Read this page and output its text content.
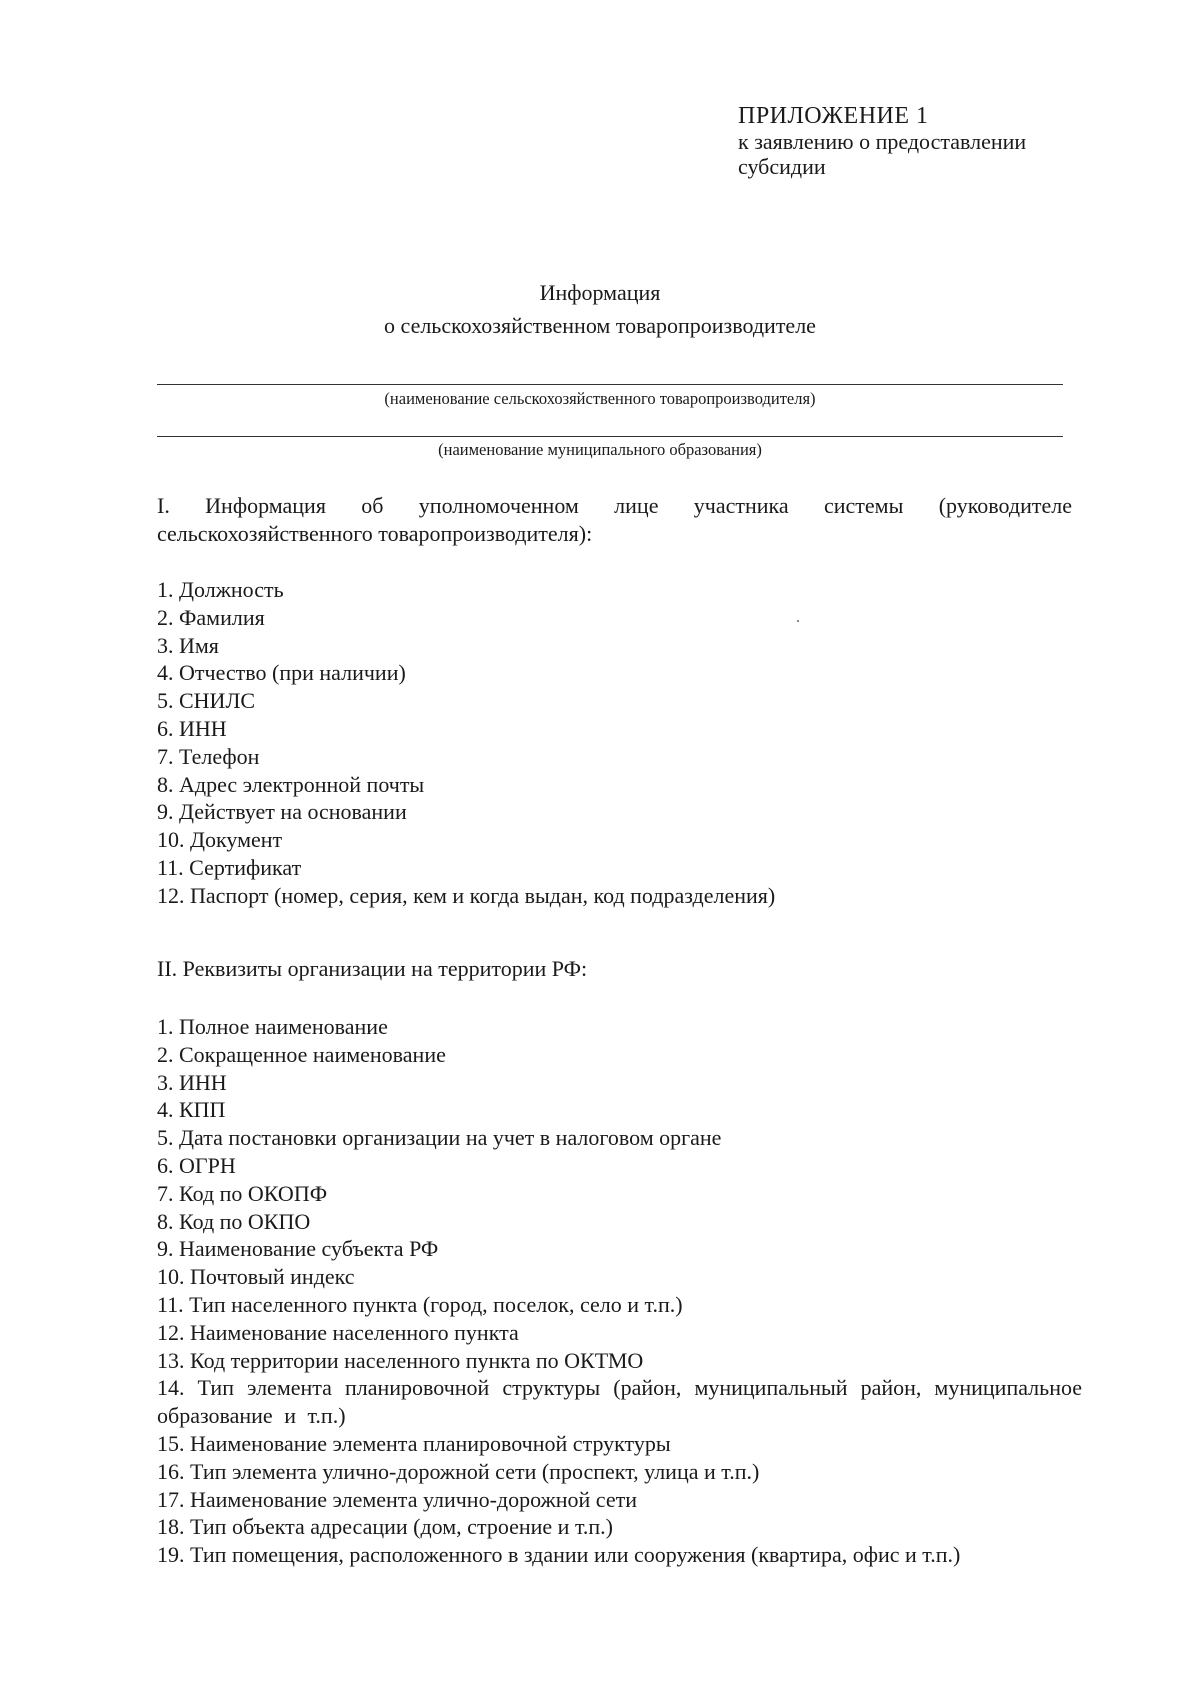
ПРИЛОЖЕНИЕ 1
к заявлению о предоставлении
субсидии
Информация
о сельскохозяйственном товаропроизводителе
(наименование сельскохозяйственного товаропроизводителя)
(наименование муниципального образования)
I. Информация об уполномоченном лице участника системы (руководителе сельскохозяйственного товаропроизводителя):
1. Должность
2. Фамилия
3. Имя
4. Отчество (при наличии)
5. СНИЛС
6. ИНН
7. Телефон
8. Адрес электронной почты
9. Действует на основании
10. Документ
11. Сертификат
12. Паспорт (номер, серия, кем и когда выдан, код подразделения)
II. Реквизиты организации на территории РФ:
1. Полное наименование
2. Сокращенное наименование
3. ИНН
4. КПП
5. Дата постановки организации на учет в налоговом органе
6. ОГРН
7. Код по ОКОПФ
8. Код по ОКПО
9. Наименование субъекта РФ
10. Почтовый индекс
11. Тип населенного пункта (город, поселок, село и т.п.)
12. Наименование населенного пункта
13. Код территории населенного пункта по ОКТМО
14. Тип элемента планировочной структуры (район, муниципальный район, муниципальное образование и т.п.)
15. Наименование элемента планировочной структуры
16. Тип элемента улично-дорожной сети (проспект, улица и т.п.)
17. Наименование элемента улично-дорожной сети
18. Тип объекта адресации (дом, строение и т.п.)
19. Тип помещения, расположенного в здании или сооружения (квартира, офис и т.п.)
